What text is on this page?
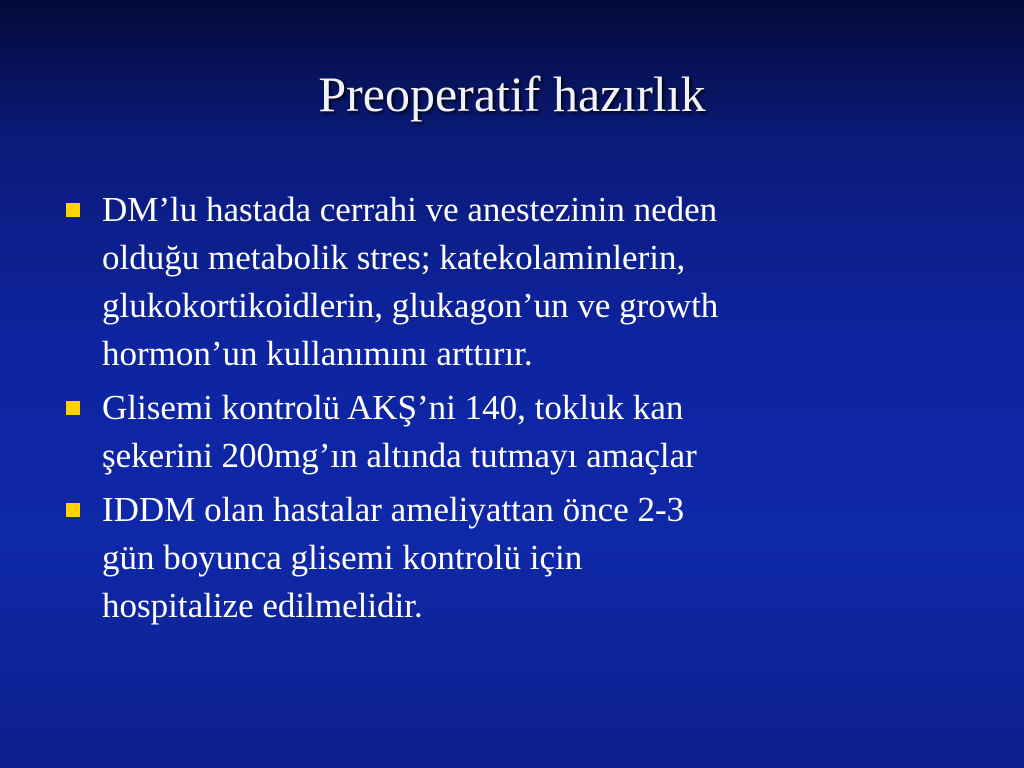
Preoperatif hazırlık
DM’lu hastada cerrahi ve anestezinin neden
olduğu metabolik stres; katekolaminlerin,
glukokortikoidlerin, glukagon’un ve growth
hormon’un kullanımını arttırır.
Glisemi kontrolü AKŞ’ni 140, tokluk kan
şekerini 200mg’ın altında tutmayı amaçlar
IDDM olan hastalar ameliyattan önce 2-3
gün boyunca glisemi kontrolü için
hospitalize edilmelidir.
